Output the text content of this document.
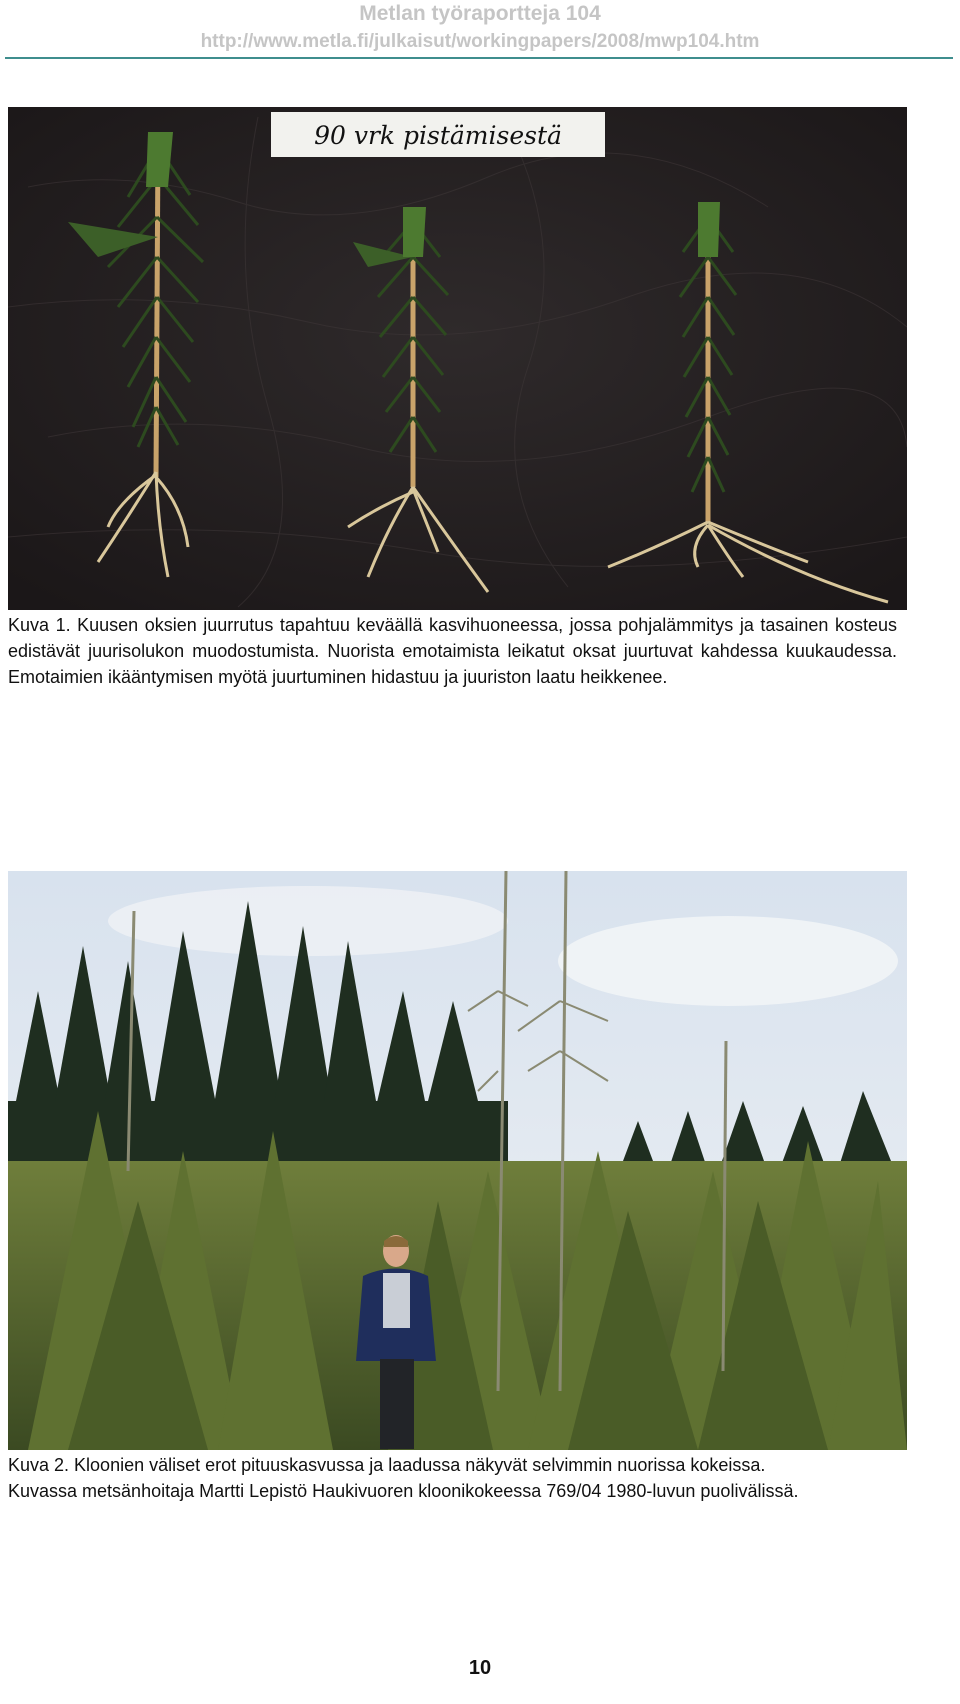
Metlan työraportteja 104
http://www.metla.fi/julkaisut/workingpapers/2008/mwp104.htm
90 vrk pistämisestä
Kuva 1. Kuusen oksien juurrutus tapahtuu keväällä kasvihuoneessa, jossa pohjalämmitys ja tasainen kosteus edistävät juurisolukon muodostumista. Nuorista emotaimista leikatut oksat juurtuvat kahdessa kuukaudessa. Emotaimien ikääntymisen myötä juurtuminen hidastuu ja juuriston laatu heikkenee.
Kuva 2. Kloonien väliset erot pituuskasvussa ja laadussa näkyvät selvimmin nuorissa kokeissa.
Kuvassa metsänhoitaja Martti Lepistö Haukivuoren kloonikokeessa 769/04 1980-luvun puolivälissä.
10
